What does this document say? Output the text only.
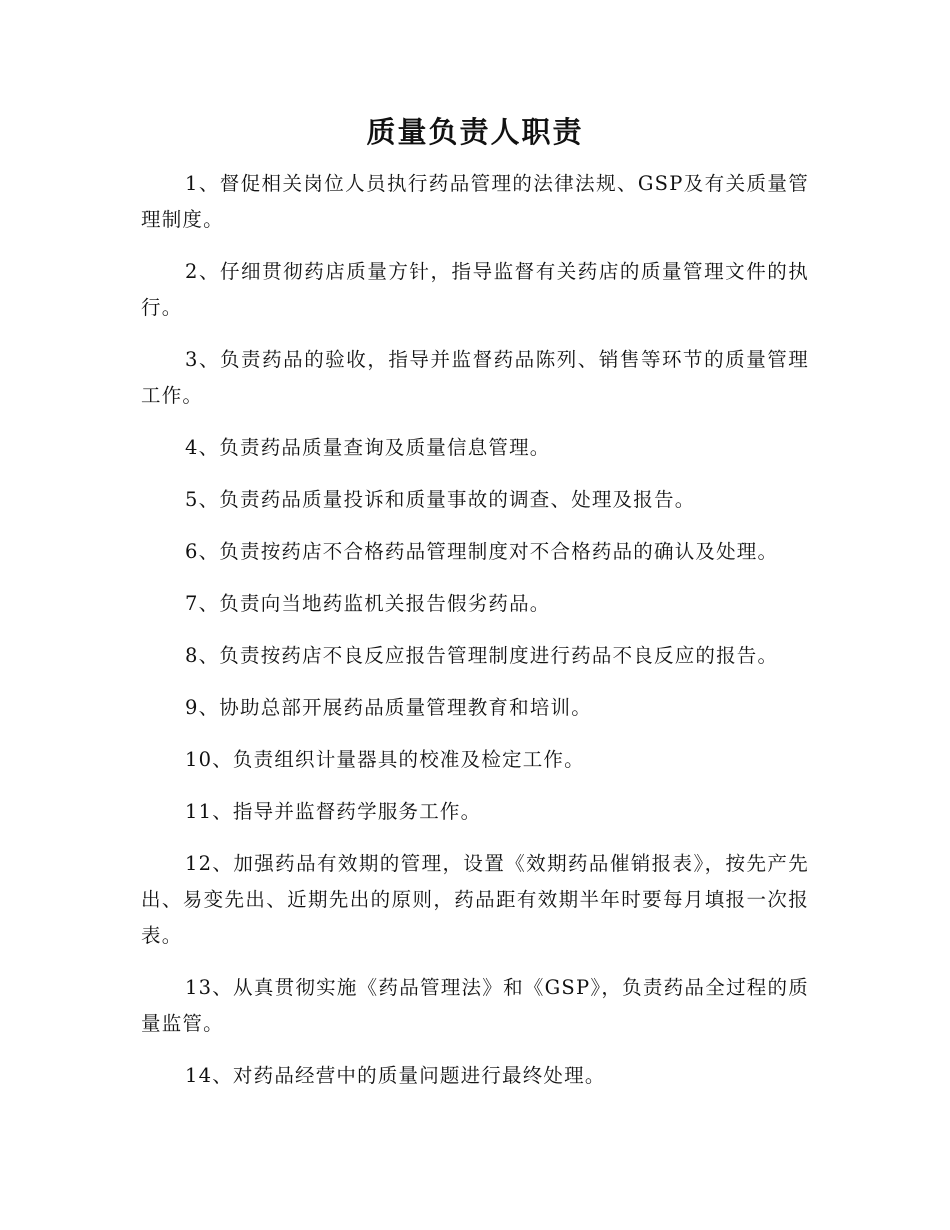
质量负责人职责
1、督促相关岗位人员执行药品管理的法律法规、GSP及有关质量管理制度。
2、仔细贯彻药店质量方针，指导监督有关药店的质量管理文件的执行。
3、负责药品的验收，指导并监督药品陈列、销售等环节的质量管理工作。
4、负责药品质量查询及质量信息管理。
5、负责药品质量投诉和质量事故的调查、处理及报告。
6、负责按药店不合格药品管理制度对不合格药品的确认及处理。
7、负责向当地药监机关报告假劣药品。
8、负责按药店不良反应报告管理制度进行药品不良反应的报告。
9、协助总部开展药品质量管理教育和培训。
10、负责组织计量器具的校准及检定工作。
11、指导并监督药学服务工作。
12、加强药品有效期的管理，设置《效期药品催销报表》，按先产先出、易变先出、近期先出的原则，药品距有效期半年时要每月填报一次报表。
13、从真贯彻实施《药品管理法》和《GSP》，负责药品全过程的质量监管。
14、对药品经营中的质量问题进行最终处理。
